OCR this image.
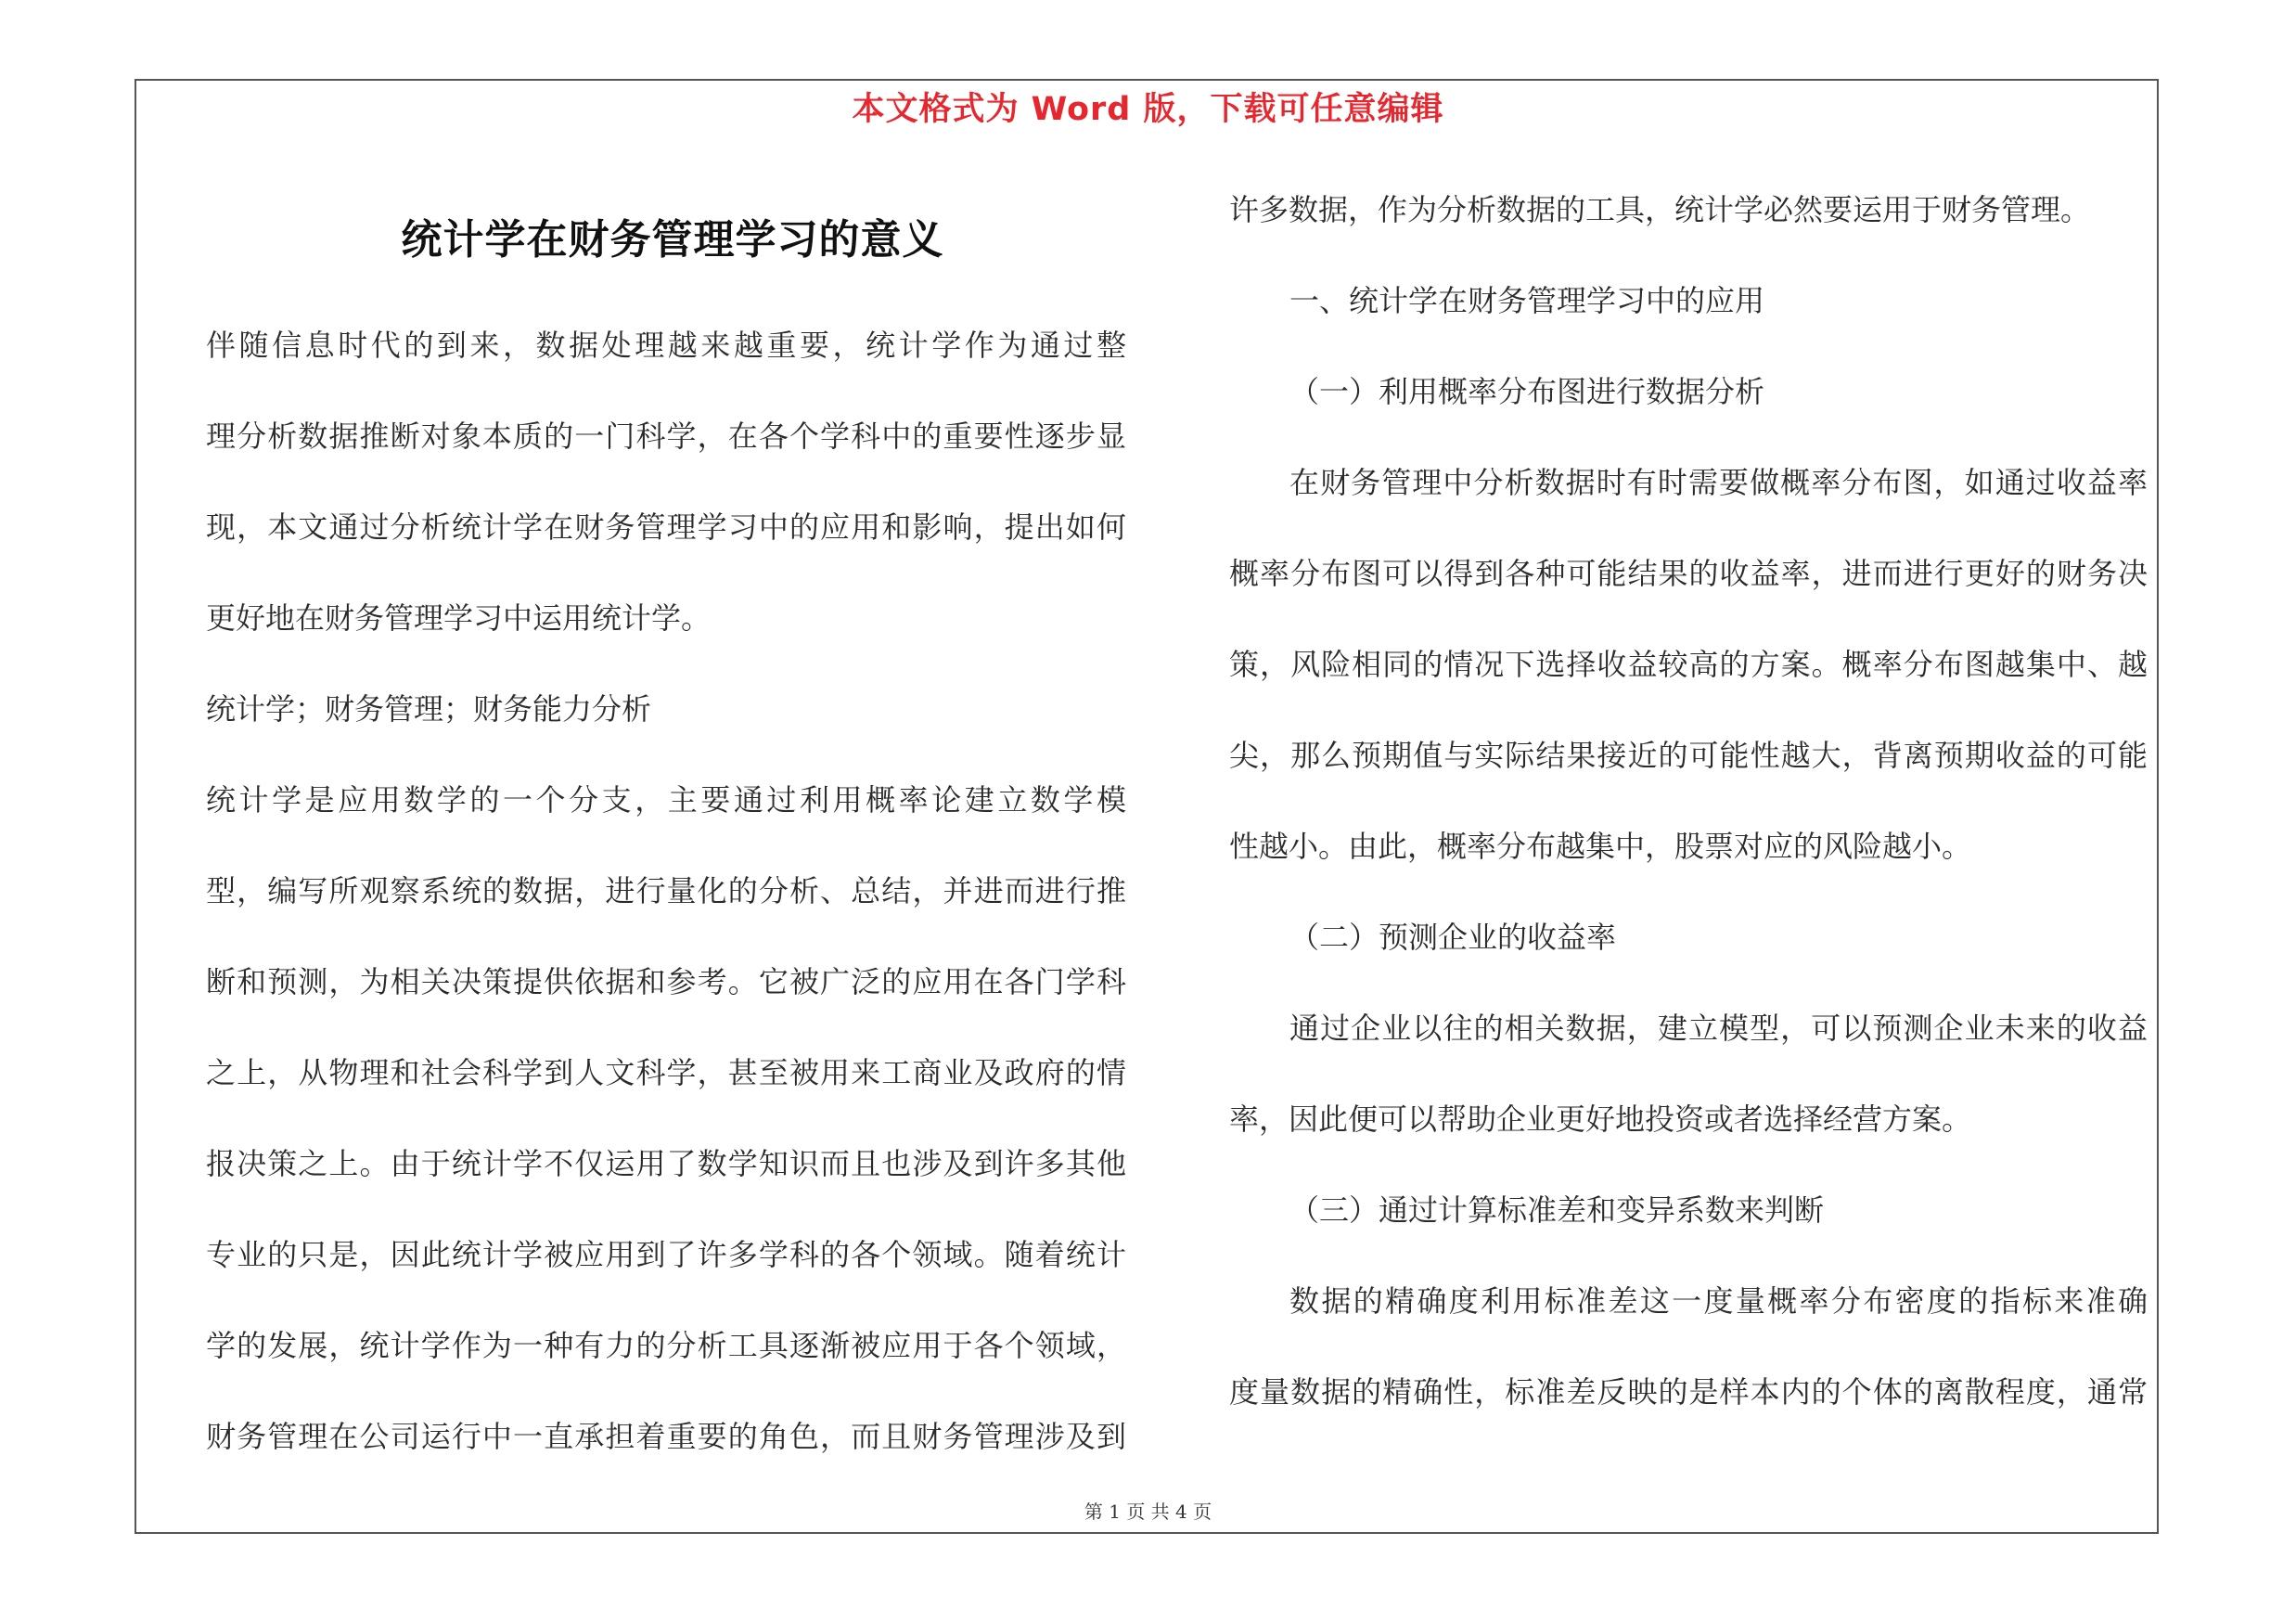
本文格式为 Word 版，下载可任意编辑
统计学在财务管理学习的意义
伴随信息时代的到来，数据处理越来越重要，统计学作为通过整
理分析数据推断对象本质的一门科学，在各个学科中的重要性逐步显
现，本文通过分析统计学在财务管理学习中的应用和影响，提出如何
更好地在财务管理学习中运用统计学。
统计学；财务管理；财务能力分析
统计学是应用数学的一个分支，主要通过利用概率论建立数学模
型，编写所观察系统的数据，进行量化的分析、总结，并进而进行推
断和预测，为相关决策提供依据和参考。它被广泛的应用在各门学科
之上，从物理和社会科学到人文科学，甚至被用来工商业及政府的情
报决策之上。由于统计学不仅运用了数学知识而且也涉及到许多其他
专业的只是，因此统计学被应用到了许多学科的各个领域。随着统计
学的发展，统计学作为一种有力的分析工具逐渐被应用于各个领域，
财务管理在公司运行中一直承担着重要的角色，而且财务管理涉及到
许多数据，作为分析数据的工具，统计学必然要运用于财务管理。
一、统计学在财务管理学习中的应用
（一）利用概率分布图进行数据分析
在财务管理中分析数据时有时需要做概率分布图，如通过收益率
概率分布图可以得到各种可能结果的收益率，进而进行更好的财务决
策，风险相同的情况下选择收益较高的方案。概率分布图越集中、越
尖，那么预期值与实际结果接近的可能性越大，背离预期收益的可能
性越小。由此，概率分布越集中，股票对应的风险越小。
（二）预测企业的收益率
通过企业以往的相关数据，建立模型，可以预测企业未来的收益
率，因此便可以帮助企业更好地投资或者选择经营方案。
（三）通过计算标准差和变异系数来判断
数据的精确度利用标准差这一度量概率分布密度的指标来准确
度量数据的精确性，标准差反映的是样本内的个体的离散程度，通常
第 1 页 共 4 页
